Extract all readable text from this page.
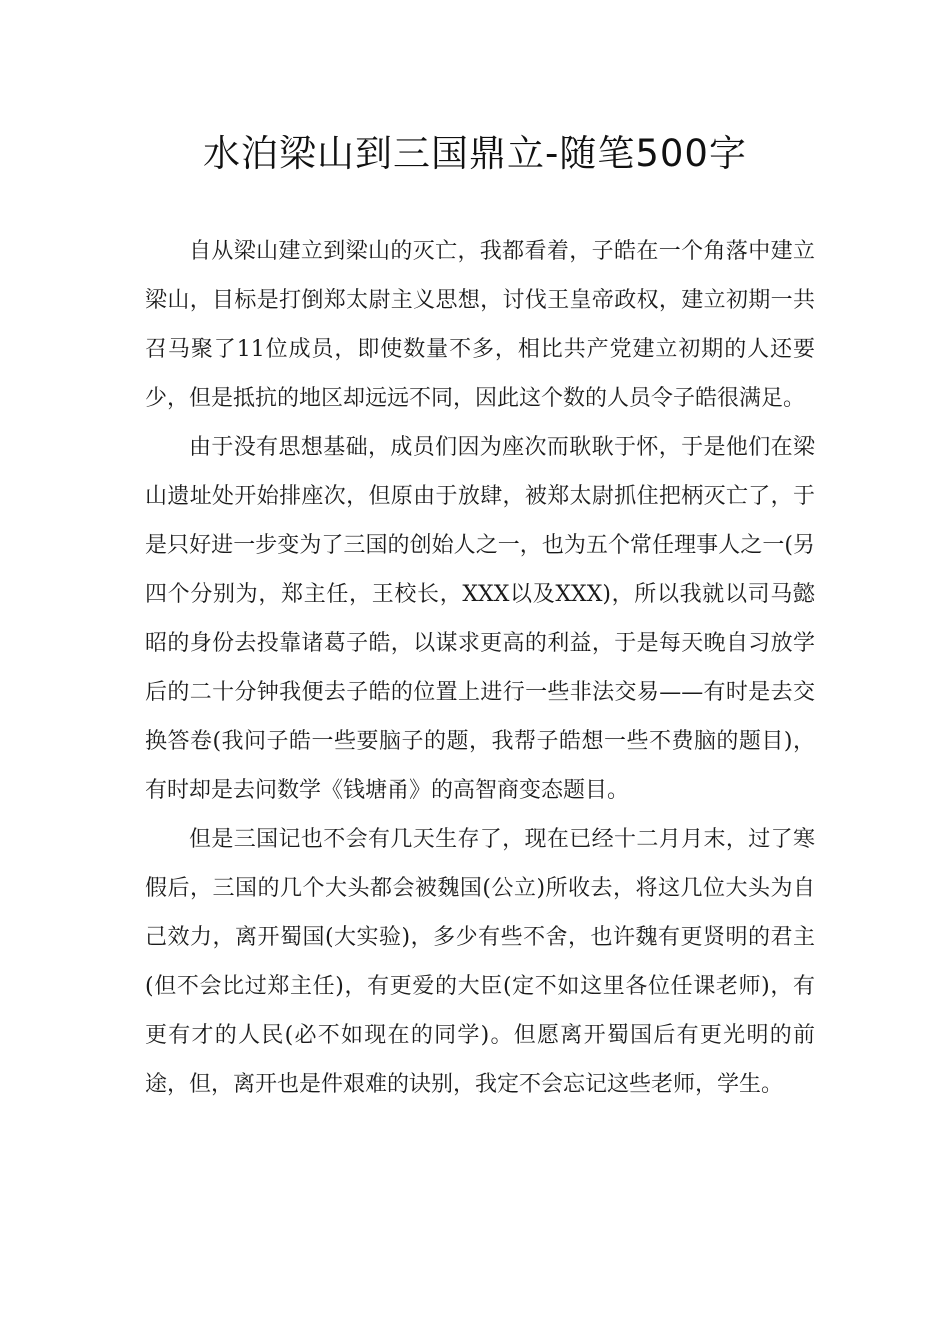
水泊梁山到三国鼎立-随笔500字

自从梁山建立到梁山的灭亡，我都看着，子皓在一个角落中建立梁山，目标是打倒郑太尉主义思想，讨伐王皇帝政权，建立初期一共召马聚了11位成员，即使数量不多，相比共产党建立初期的人还要少，但是抵抗的地区却远远不同，因此这个数的人员令子皓很满足。

由于没有思想基础，成员们因为座次而耿耿于怀，于是他们在梁山遗址处开始排座次，但原由于放肆，被郑太尉抓住把柄灭亡了，于是只好进一步变为了三国的创始人之一，也为五个常任理事人之一(另四个分别为，郑主任，王校长，XXX以及XXX)，所以我就以司马懿昭的身份去投靠诸葛子皓，以谋求更高的利益，于是每天晚自习放学后的二十分钟我便去子皓的位置上进行一些非法交易——有时是去交换答卷(我问子皓一些要脑子的题，我帮子皓想一些不费脑的题目)，有时却是去问数学《钱塘甬》的高智商变态题目。

但是三国记也不会有几天生存了，现在已经十二月月末，过了寒假后，三国的几个大头都会被魏国(公立)所收去，将这几位大头为自己效力，离开蜀国(大实验)，多少有些不舍，也许魏有更贤明的君主(但不会比过郑主任)，有更爱的大臣(定不如这里各位任课老师)，有更有才的人民(必不如现在的同学)。但愿离开蜀国后有更光明的前途，但，离开也是件艰难的诀别，我定不会忘记这些老师，学生。
